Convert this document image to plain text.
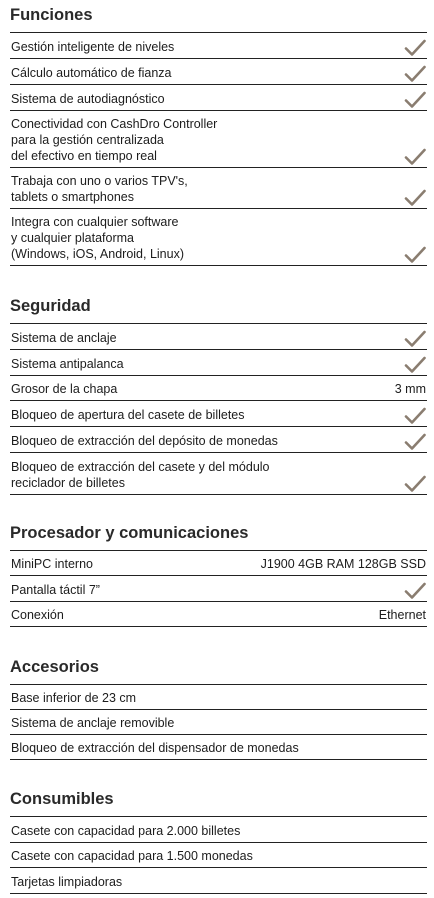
Funciones
Gestión inteligente de niveles
Cálculo automático de fianza
Sistema de autodiagnóstico
Conectividad con CashDro Controller
para la gestión centralizada
del efectivo en tiempo real
Trabaja con uno o varios TPV's,
tablets o smartphones
Integra con cualquier software
y cualquier plataforma
(Windows, iOS, Android, Linux)
Seguridad
Sistema de anclaje
Sistema antipalanca
Grosor de la chapa	3 mm
Bloqueo de apertura del casete de billetes
Bloqueo de extracción del depósito de monedas
Bloqueo de extracción del casete y del módulo
reciclador de billetes
Procesador y comunicaciones
MiniPC interno	J1900 4GB RAM 128GB SSD
Pantalla táctil 7”
Conexión	Ethernet
Accesorios
Base inferior de 23 cm
Sistema de anclaje removible
Bloqueo de extracción del dispensador de monedas
Consumibles
Casete con capacidad para 2.000 billetes
Casete con capacidad para 1.500 monedas
Tarjetas limpiadoras
